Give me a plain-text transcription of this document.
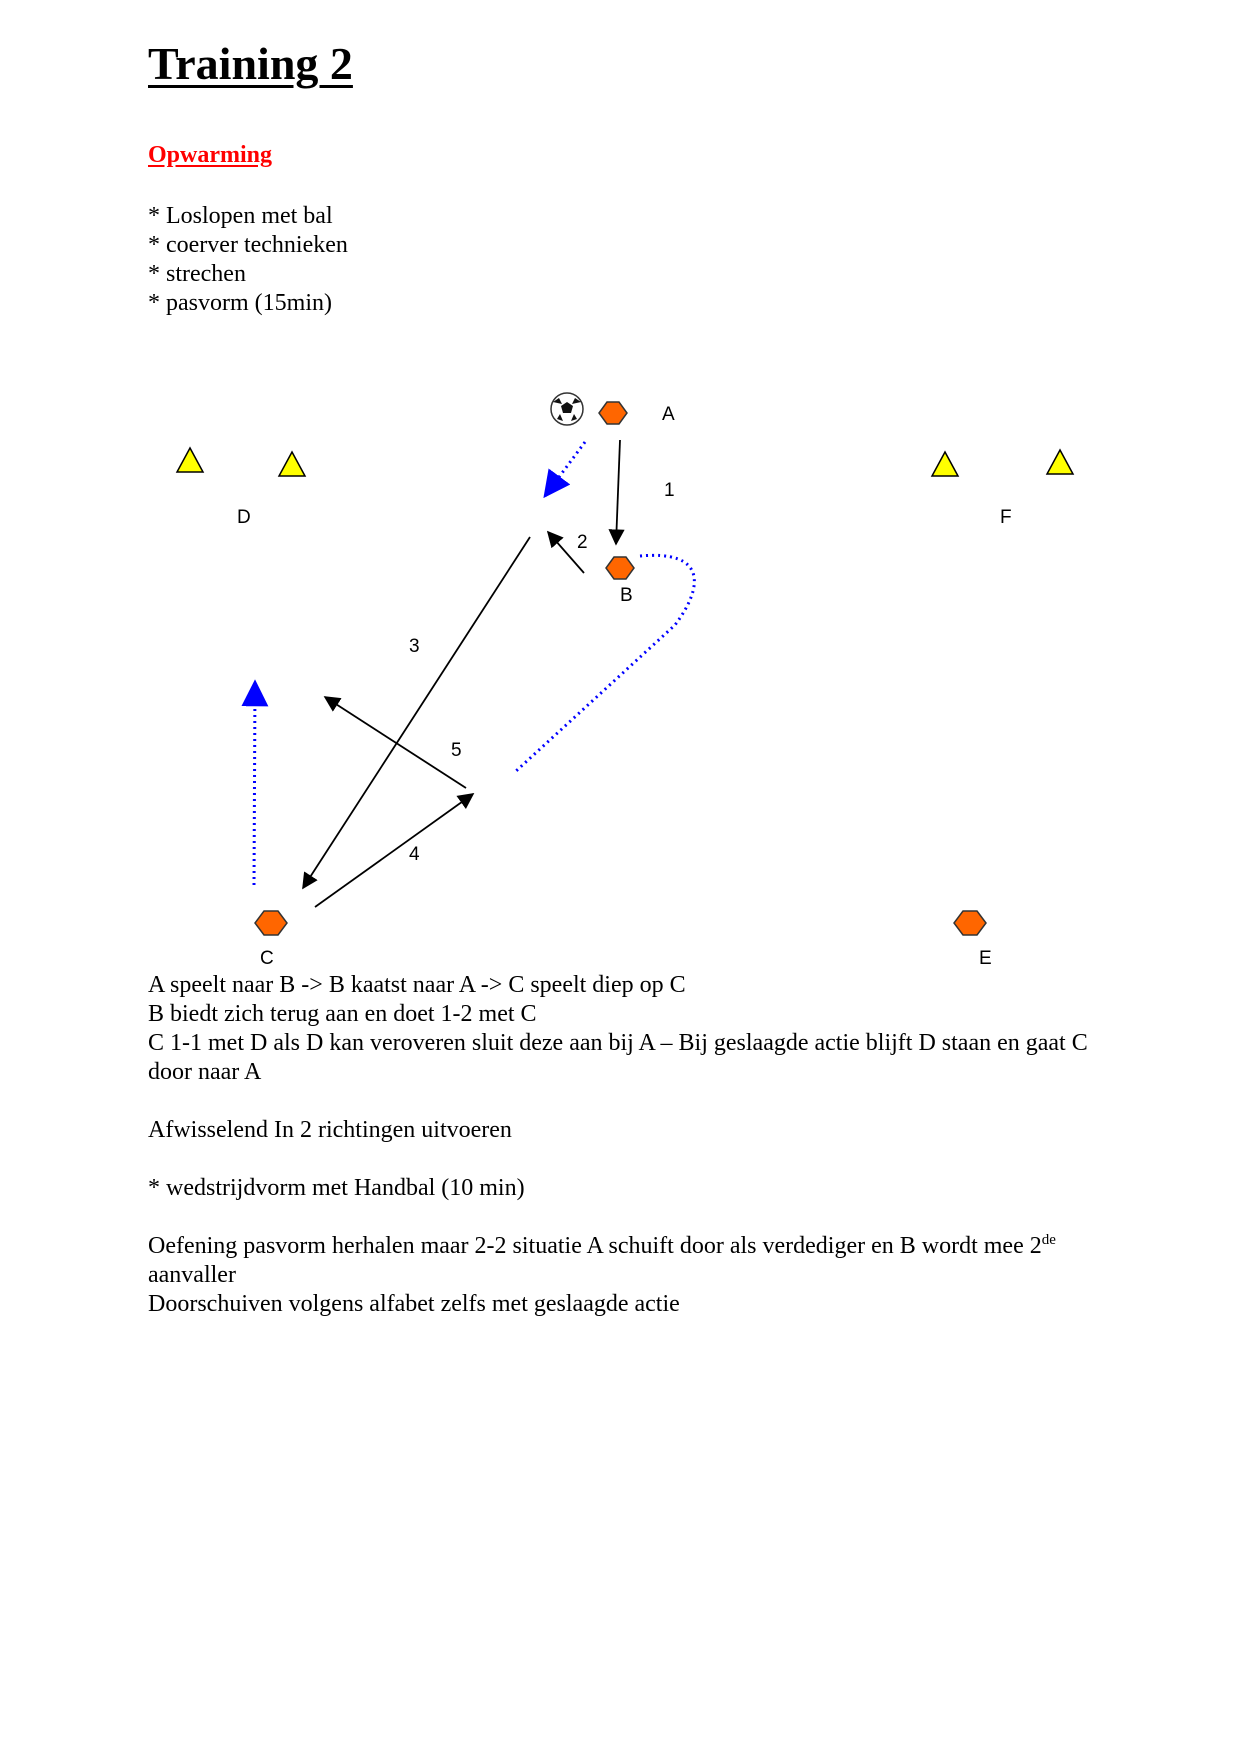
Training 2
Opwarming
* Loslopen met bal
* coerver technieken
* strechen
* pasvorm (15min)
A
B
C
D
E
F
1
2
3
4
5
A speelt naar B -> B kaatst naar A -> C speelt diep op C
B biedt zich terug aan en doet 1-2 met C
C 1-1 met D als D kan veroveren sluit deze aan bij A – Bij geslaagde actie blijft D staan en gaat C door naar A

Afwisselend In 2 richtingen uitvoeren

* wedstrijdvorm met Handbal (10 min)

Oefening pasvorm herhalen maar 2-2 situatie A schuift door als verdediger en B wordt mee 2de aanvaller
Doorschuiven volgens alfabet zelfs met geslaagde actie
